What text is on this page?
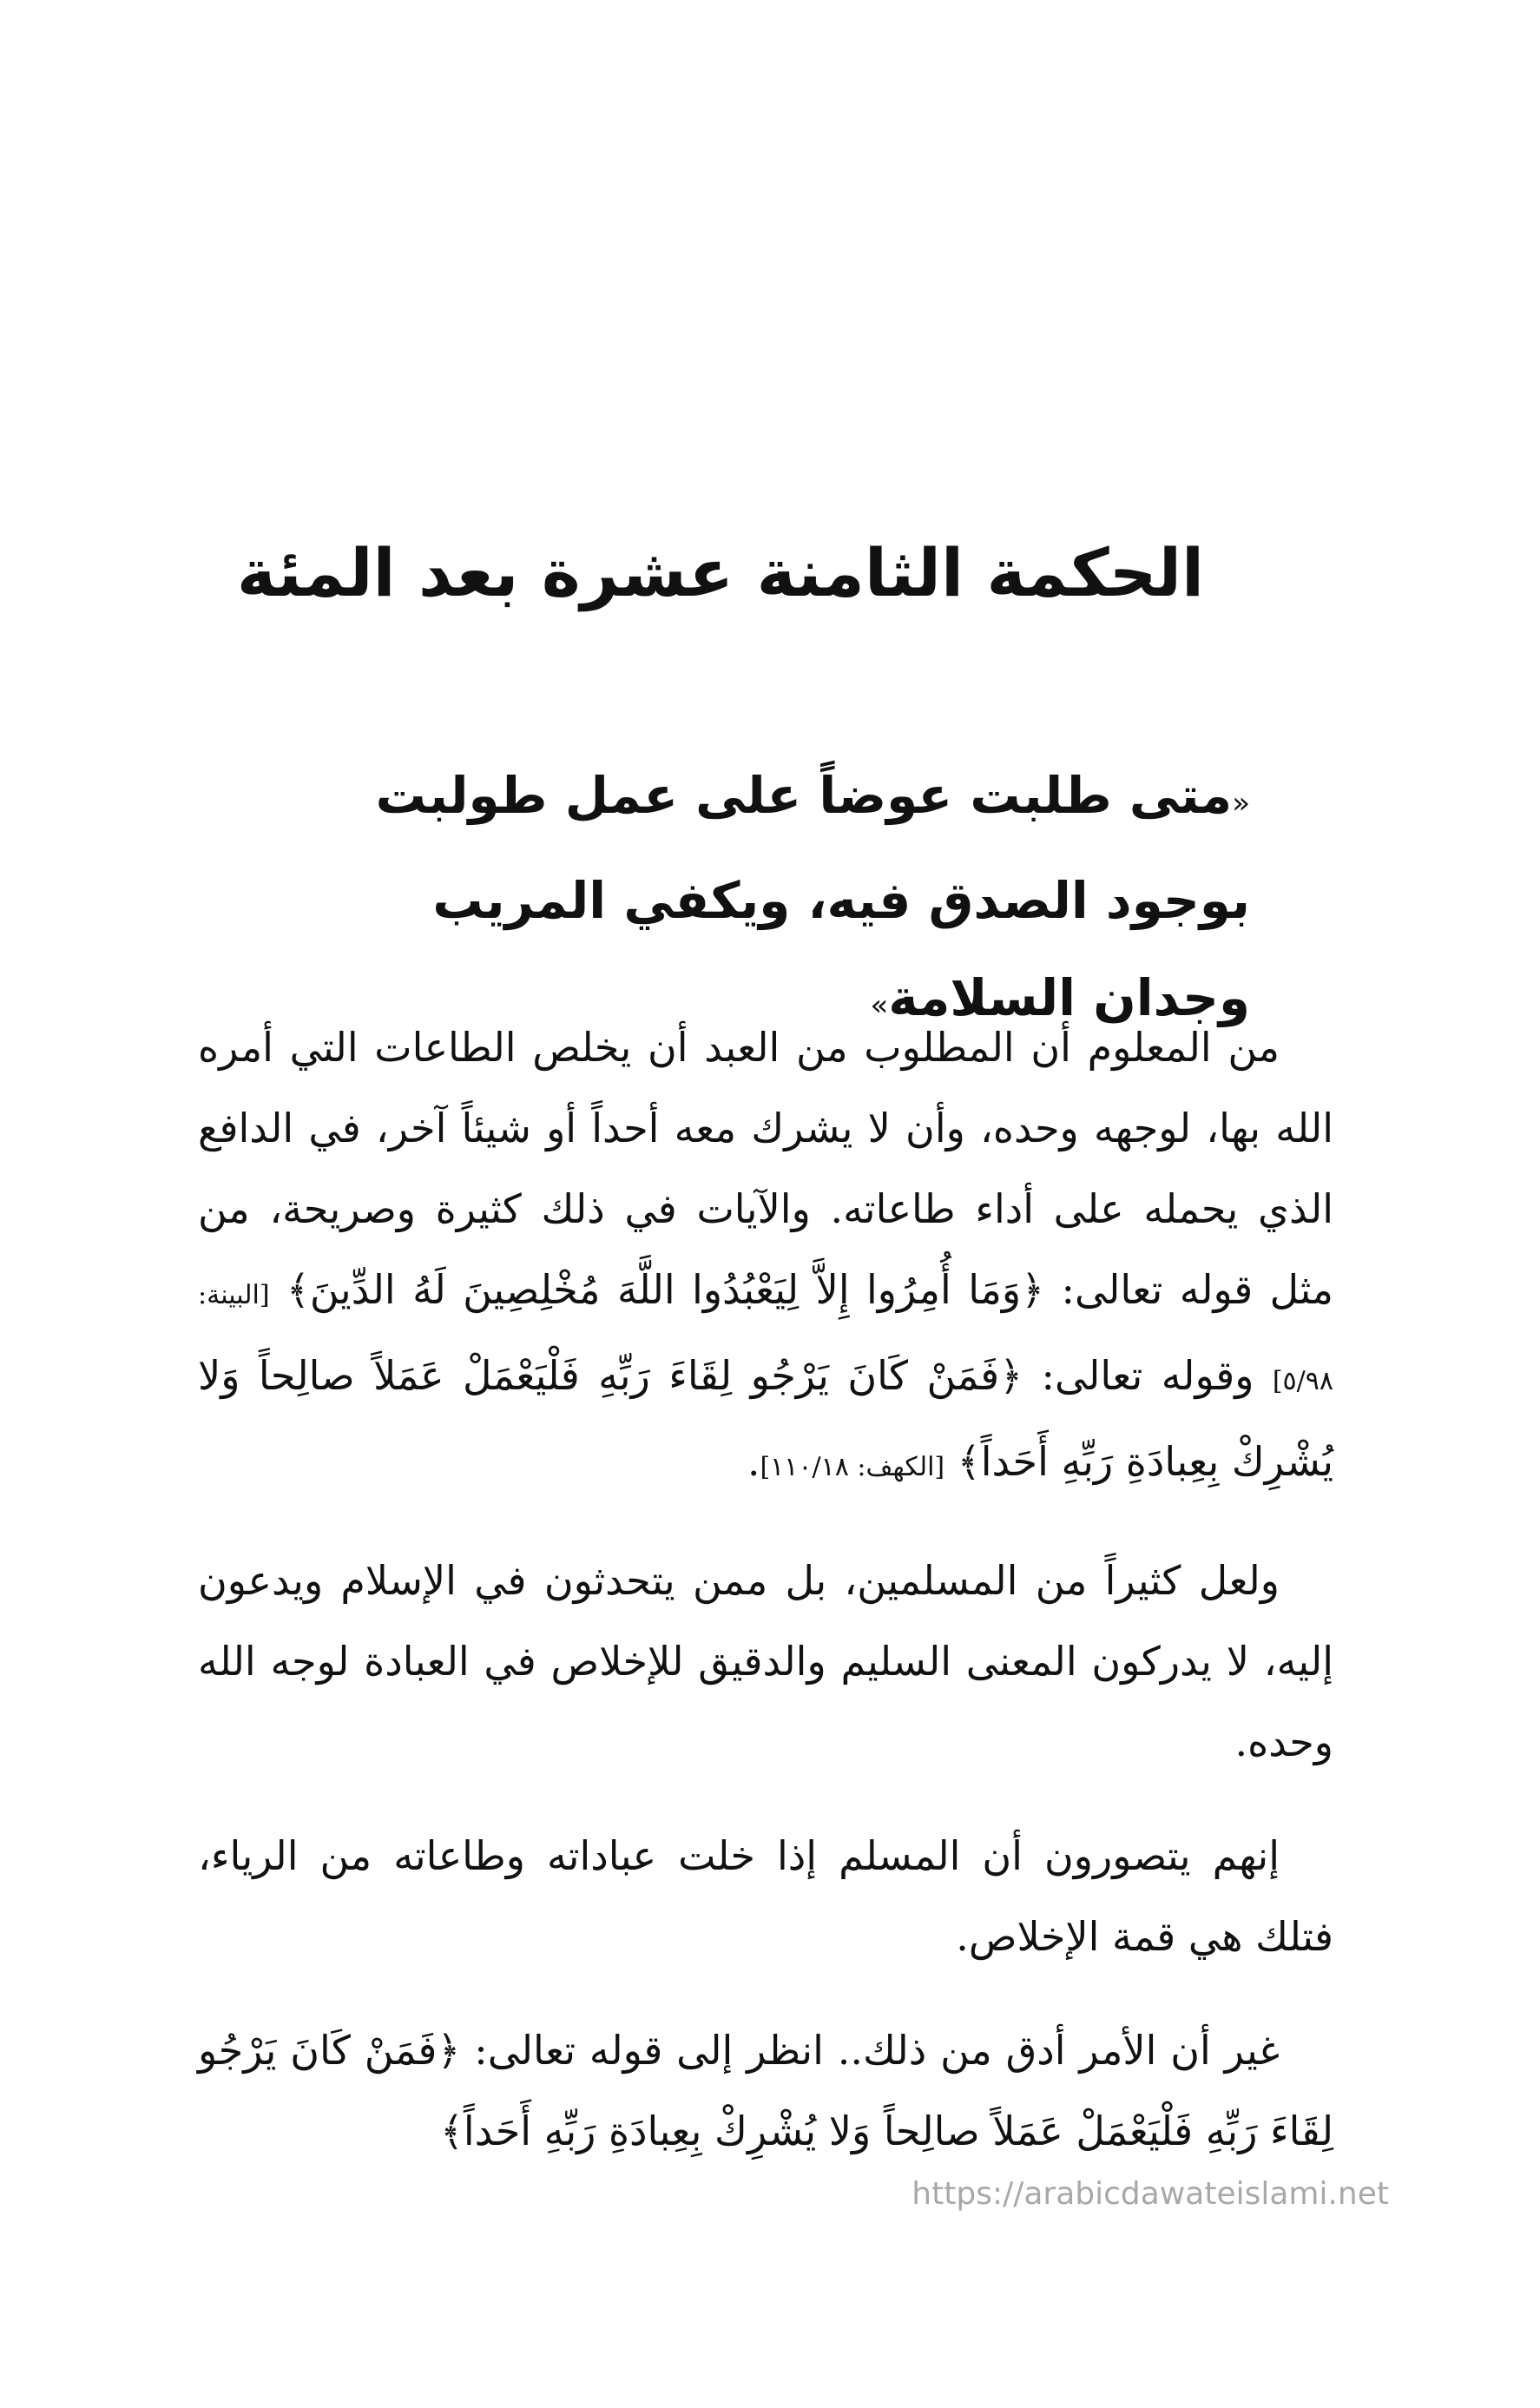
الحكمة الثامنة عشرة بعد المئة

«متى طلبت عوضاً على عمل طولبت بوجود الصدق فيه، ويكفي المريب وجدان السلامة»

من المعلوم أن المطلوب من العبد أن يخلص الطاعات التي أمره الله بها، لوجهه وحده، وأن لا يشرك معه أحداً أو شيئاً آخر، في الدافع الذي يحمله على أداء طاعاته. والآيات في ذلك كثيرة وصريحة، من مثل قوله تعالى: ﴿وَمَا أُمِرُوا إِلاَّ لِيَعْبُدُوا اللَّهَ مُخْلِصِينَ لَهُ الدِّينَ﴾ [البينة: ٥/٩٨] وقوله تعالى: ﴿فَمَنْ كَانَ يَرْجُو لِقَاءَ رَبِّهِ فَلْيَعْمَلْ عَمَلاً صالِحاً وَلا يُشْرِكْ بِعِبادَةِ رَبِّهِ أَحَداً﴾ [الكهف: ١١٠/١٨].

ولعل كثيراً من المسلمين، بل ممن يتحدثون في الإسلام ويدعون إليه، لا يدركون المعنى السليم والدقيق للإخلاص في العبادة لوجه الله وحده.

إنهم يتصورون أن المسلم إذا خلت عباداته وطاعاته من الرياء، فتلك هي قمة الإخلاص.

غير أن الأمر أدق من ذلك.. انظر إلى قوله تعالى: ﴿فَمَنْ كَانَ يَرْجُو لِقَاءَ رَبِّهِ فَلْيَعْمَلْ عَمَلاً صالِحاً وَلا يُشْرِكْ بِعِبادَةِ رَبِّهِ أَحَداً﴾

https://arabicdawateislami.net
